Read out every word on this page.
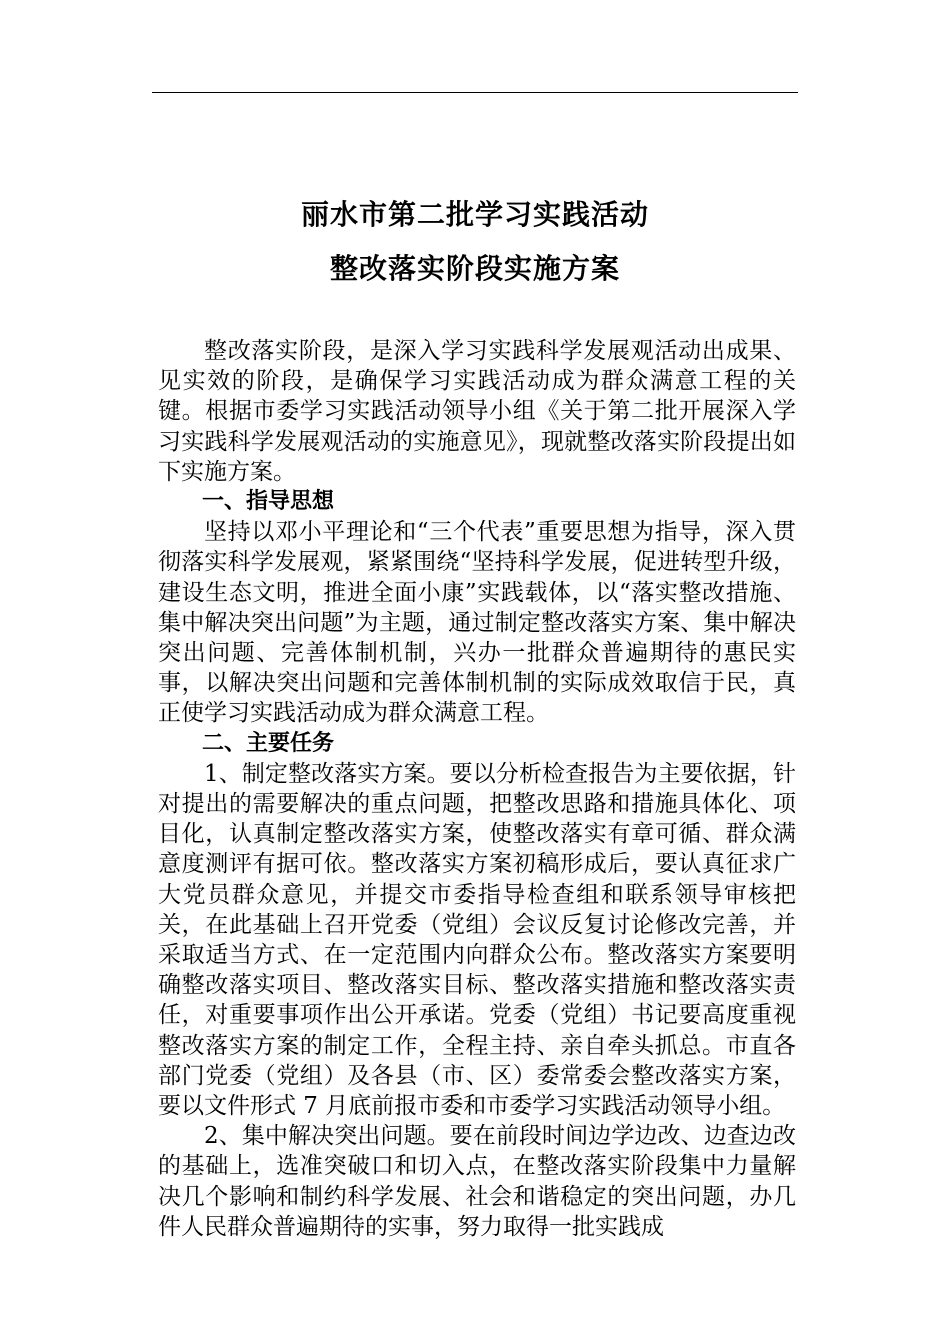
丽水市第二批学习实践活动
整改落实阶段实施方案

整改落实阶段，是深入学习实践科学发展观活动出成果、见实效的阶段，是确保学习实践活动成为群众满意工程的关键。根据市委学习实践活动领导小组《关于第二批开展深入学习实践科学发展观活动的实施意见》，现就整改落实阶段提出如下实施方案。

一、指导思想

坚持以邓小平理论和“三个代表”重要思想为指导，深入贯彻落实科学发展观，紧紧围绕“坚持科学发展，促进转型升级，建设生态文明，推进全面小康”实践载体，以“落实整改措施、集中解决突出问题”为主题，通过制定整改落实方案、集中解决突出问题、完善体制机制，兴办一批群众普遍期待的惠民实事，以解决突出问题和完善体制机制的实际成效取信于民，真正使学习实践活动成为群众满意工程。

二、主要任务

1、制定整改落实方案。要以分析检查报告为主要依据，针对提出的需要解决的重点问题，把整改思路和措施具体化、项目化，认真制定整改落实方案，使整改落实有章可循、群众满意度测评有据可依。整改落实方案初稿形成后，要认真征求广大党员群众意见，并提交市委指导检查组和联系领导审核把关，在此基础上召开党委（党组）会议反复讨论修改完善，并采取适当方式、在一定范围内向群众公布。整改落实方案要明确整改落实项目、整改落实目标、整改落实措施和整改落实责任，对重要事项作出公开承诺。党委（党组）书记要高度重视整改落实方案的制定工作，全程主持、亲自牵头抓总。市直各部门党委（党组）及各县（市、区）委常委会整改落实方案，要以文件形式 7 月底前报市委和市委学习实践活动领导小组。

2、集中解决突出问题。要在前段时间边学边改、边查边改的基础上，选准突破口和切入点，在整改落实阶段集中力量解决几个影响和制约科学发展、社会和谐稳定的突出问题，办几件人民群众普遍期待的实事，努力取得一批实践成
